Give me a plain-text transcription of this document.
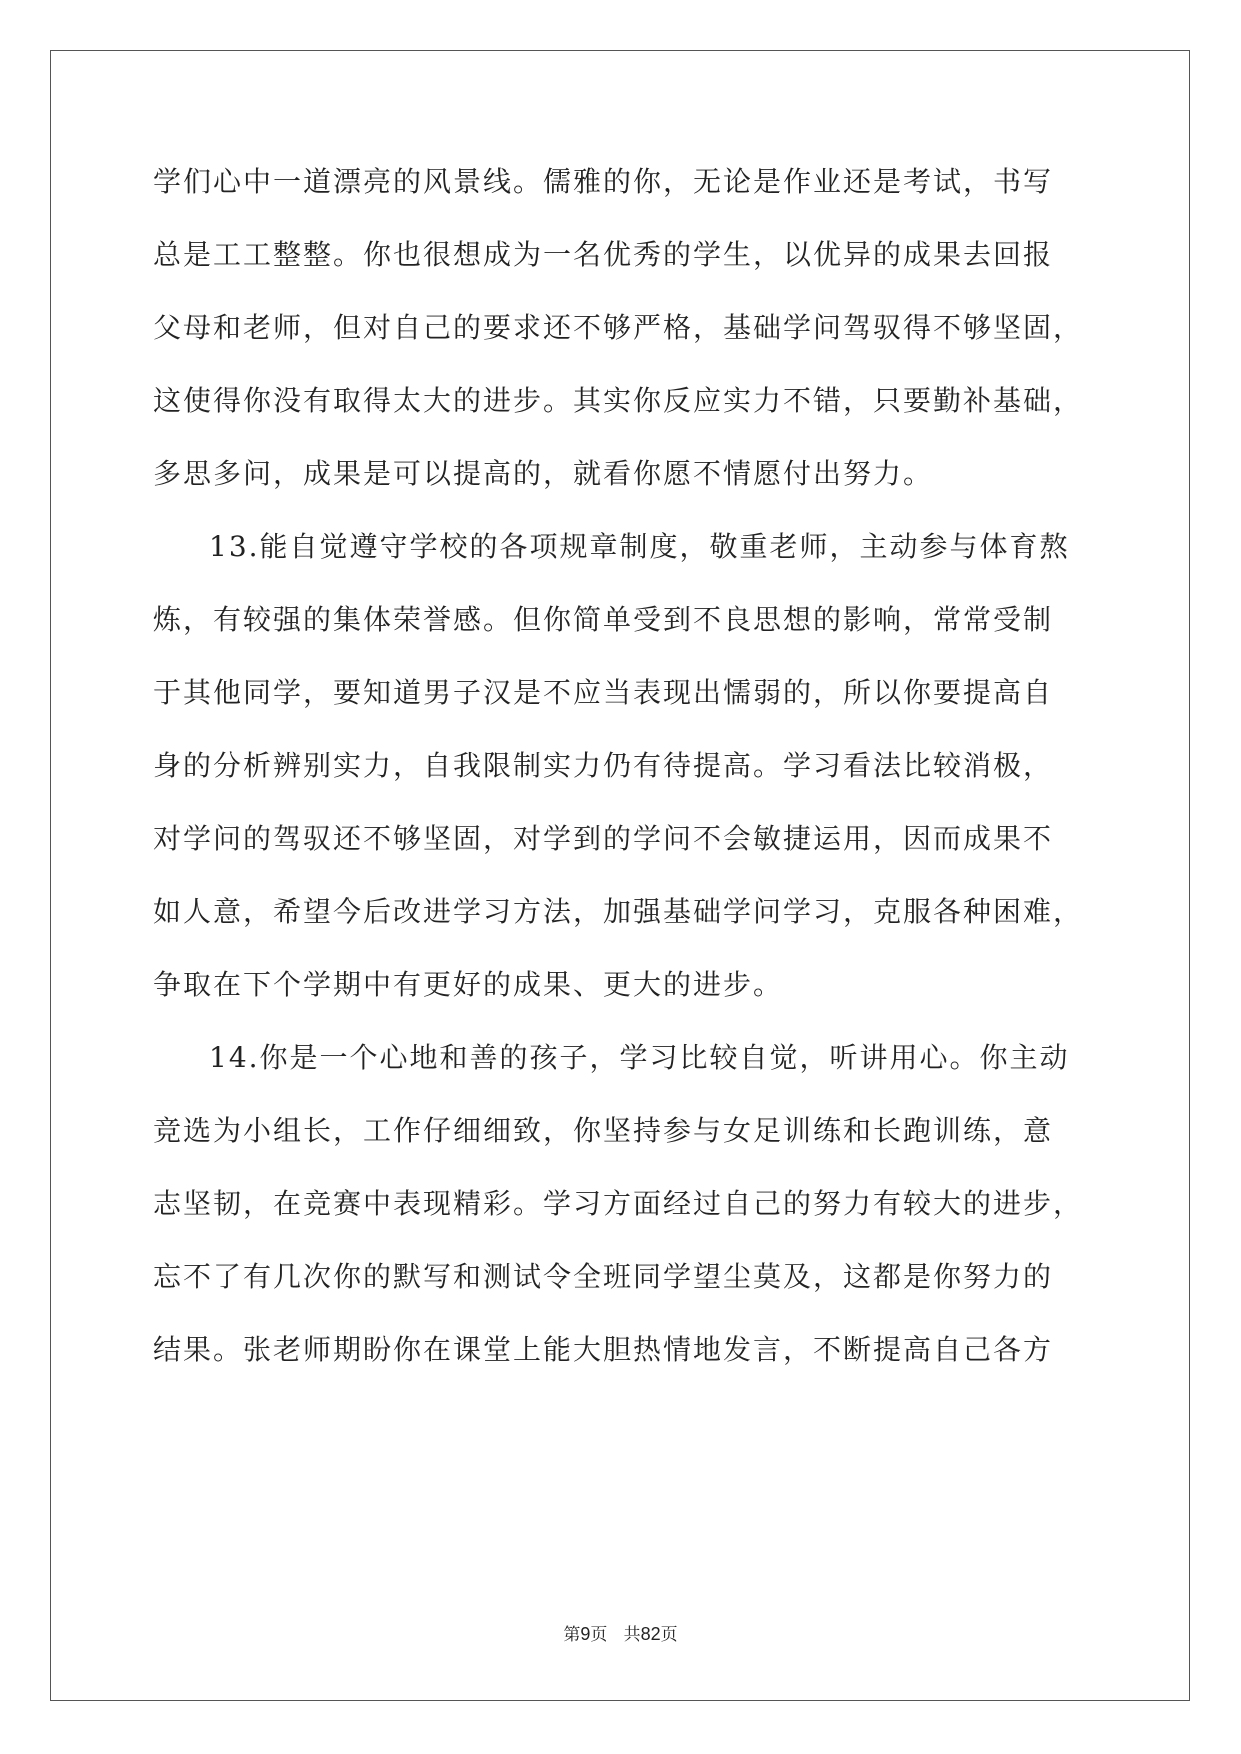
学们心中一道漂亮的风景线。儒雅的你，无论是作业还是考试，书写
总是工工整整。你也很想成为一名优秀的学生，以优异的成果去回报
父母和老师，但对自己的要求还不够严格，基础学问驾驭得不够坚固，
这使得你没有取得太大的进步。其实你反应实力不错，只要勤补基础，
多思多问，成果是可以提高的，就看你愿不情愿付出努力。
13.能自觉遵守学校的各项规章制度，敬重老师，主动参与体育熬
炼，有较强的集体荣誉感。但你简单受到不良思想的影响，常常受制
于其他同学，要知道男子汉是不应当表现出懦弱的，所以你要提高自
身的分析辨别实力，自我限制实力仍有待提高。学习看法比较消极，
对学问的驾驭还不够坚固，对学到的学问不会敏捷运用，因而成果不
如人意，希望今后改进学习方法，加强基础学问学习，克服各种困难，
争取在下个学期中有更好的成果、更大的进步。
14.你是一个心地和善的孩子，学习比较自觉，听讲用心。你主动
竞选为小组长，工作仔细细致，你坚持参与女足训练和长跑训练，意
志坚韧，在竞赛中表现精彩。学习方面经过自己的努力有较大的进步，
忘不了有几次你的默写和测试令全班同学望尘莫及，这都是你努力的
结果。张老师期盼你在课堂上能大胆热情地发言，不断提高自己各方
第9页 共82页
